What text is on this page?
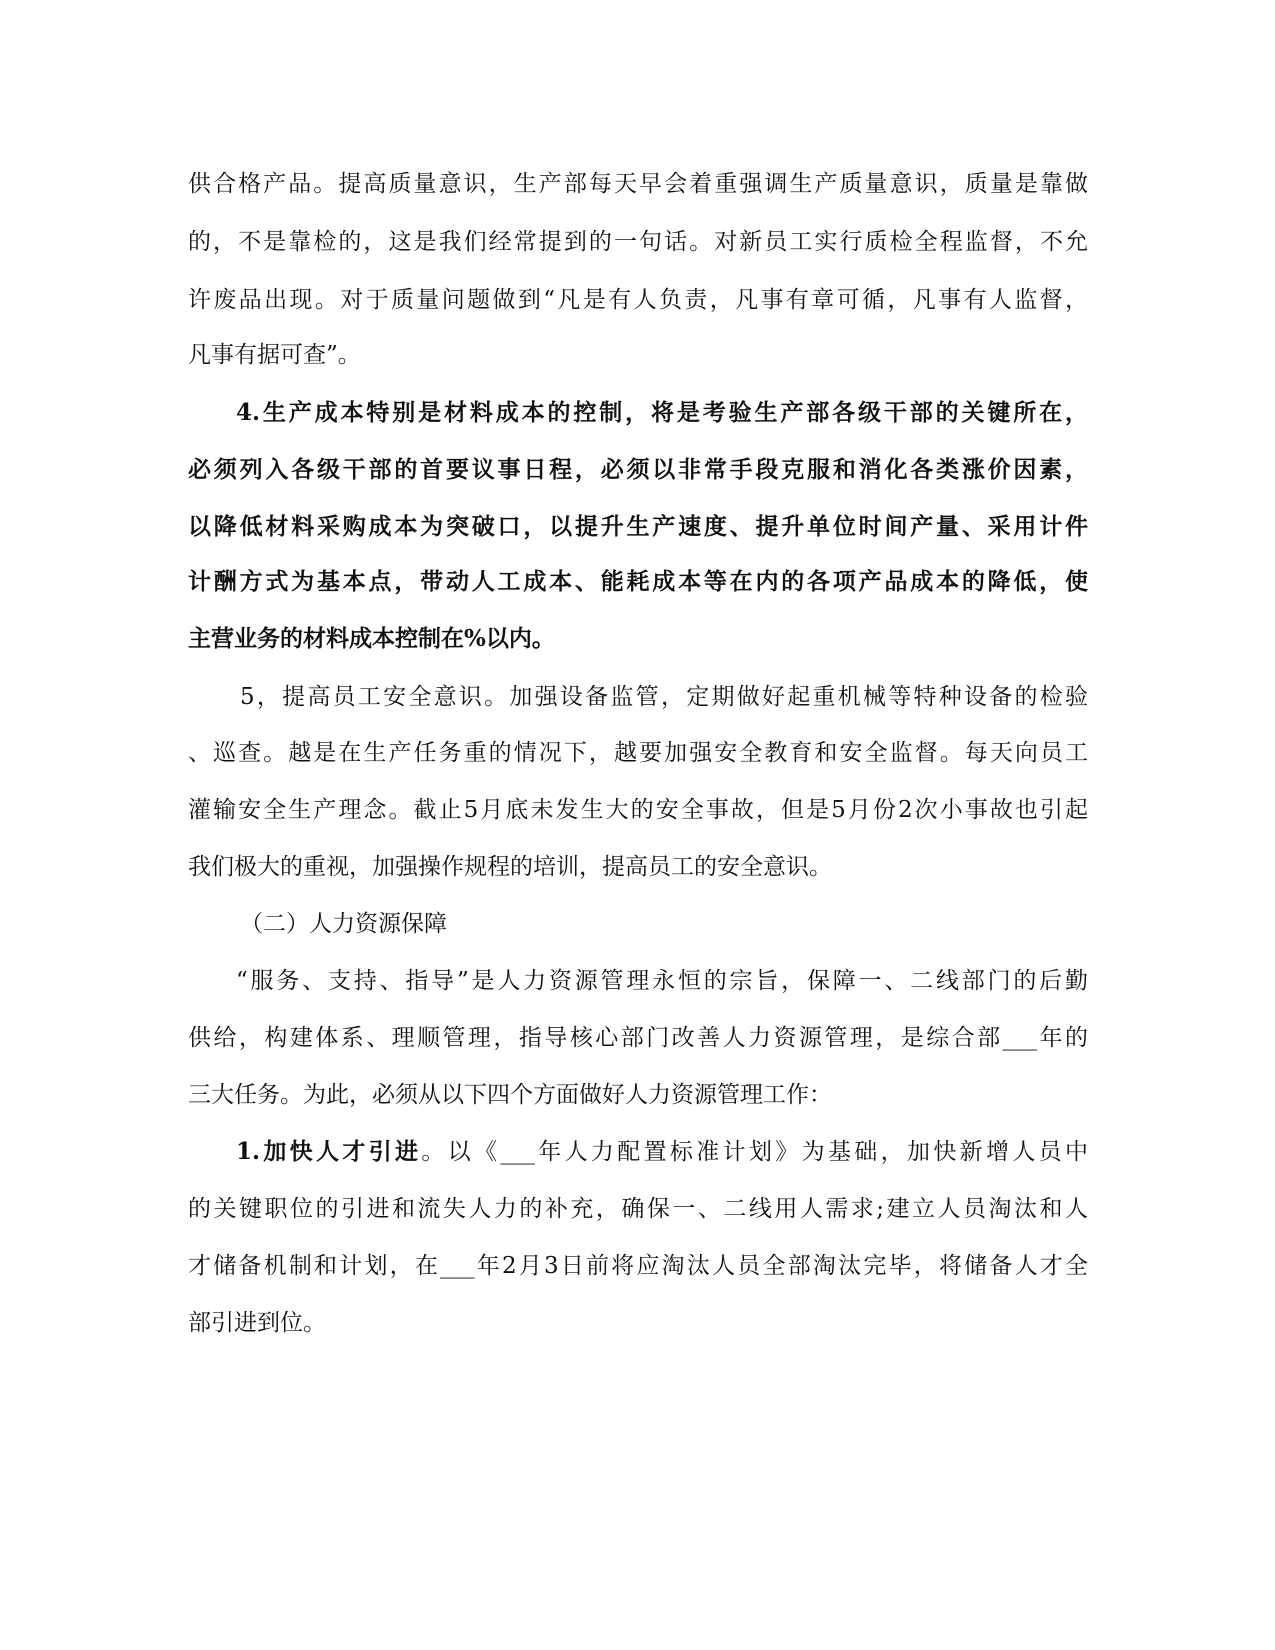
供合格产品。提高质量意识，生产部每天早会着重强调生产质量意识，质量是靠做
的，不是靠检的，这是我们经常提到的一句话。对新员工实行质检全程监督，不允
许废品出现。对于质量问题做到“凡是有人负责，凡事有章可循，凡事有人监督，
凡事有据可查”。
4.生产成本特别是材料成本的控制，将是考验生产部各级干部的关键所在，
必须列入各级干部的首要议事日程，必须以非常手段克服和消化各类涨价因素，
以降低材料采购成本为突破口，以提升生产速度、提升单位时间产量、采用计件
计酬方式为基本点，带动人工成本、能耗成本等在内的各项产品成本的降低，使
主营业务的材料成本控制在%以内。
5，提高员工安全意识。加强设备监管，定期做好起重机械等特种设备的检验
、巡查。越是在生产任务重的情况下，越要加强安全教育和安全监督。每天向员工
灌输安全生产理念。截止5月底未发生大的安全事故，但是5月份2次小事故也引起
我们极大的重视，加强操作规程的培训，提高员工的安全意识。
（二）人力资源保障
“服务、支持、指导”是人力资源管理永恒的宗旨，保障一、二线部门的后勤
供给，构建体系、理顺管理，指导核心部门改善人力资源管理，是综合部___年的
三大任务。为此，必须从以下四个方面做好人力资源管理工作：
1.加快人才引进。以《___年人力配置标准计划》为基础，加快新增人员中
的关键职位的引进和流失人力的补充，确保一、二线用人需求;建立人员淘汰和人
才储备机制和计划，在___年2月3日前将应淘汰人员全部淘汰完毕，将储备人才全
部引进到位。
